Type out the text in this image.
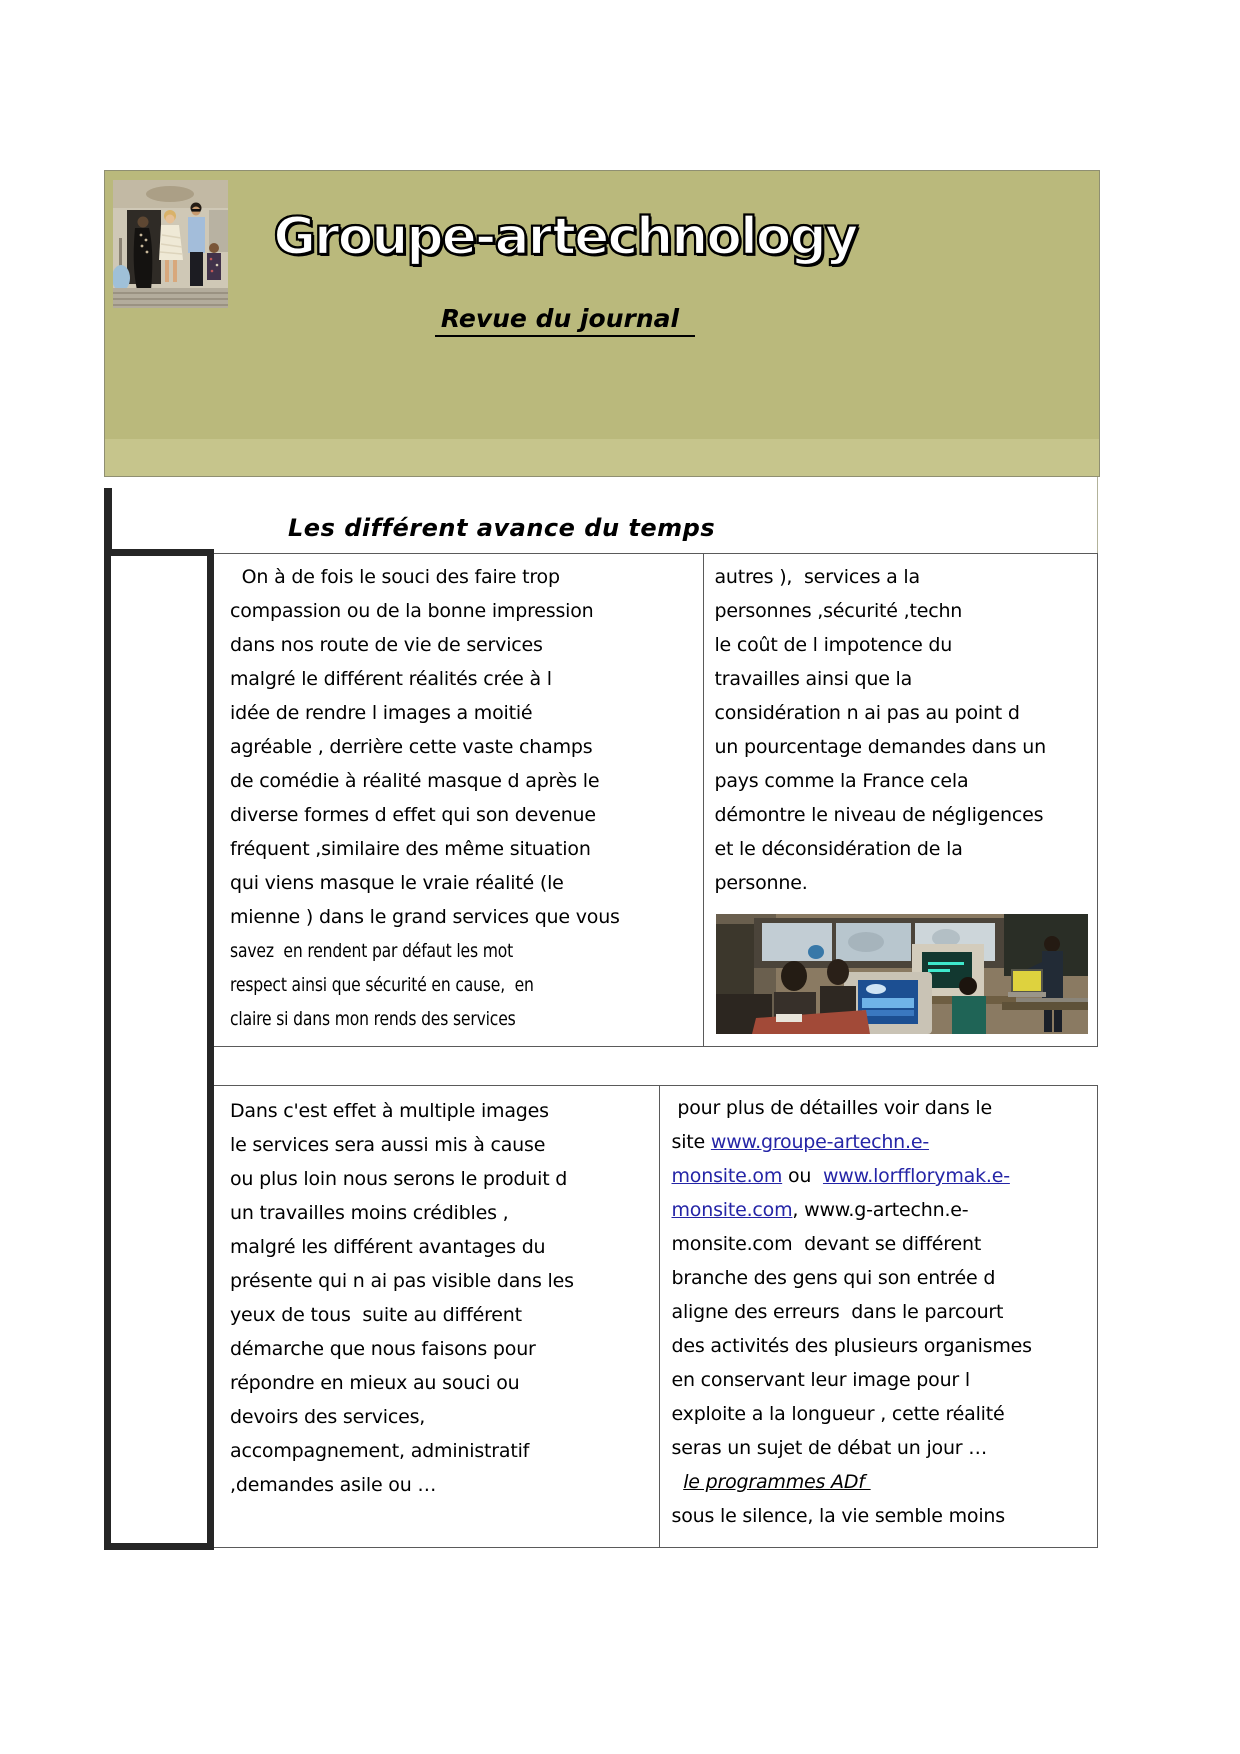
Groupe-artechnology
Revue du journal
Les différent avance du temps
On à de fois le souci des faire trop
compassion ou de la bonne impression
dans nos route de vie de services
malgré le différent réalités crée à l
idée de rendre l images a moitié
agréable , derrière cette vaste champs
de comédie à réalité masque d après le
diverse formes d effet qui son devenue
fréquent ,similaire des même situation
qui viens masque le vraie réalité (le
mienne ) dans le grand services que vous
savez  en rendent par défaut les mot
respect ainsi que sécurité en cause,  en
claire si dans mon rends des services
autres ),  services a la
personnes ,sécurité ,techn
le coût de l impotence du
travailles ainsi que la
considération n ai pas au point d
un pourcentage demandes dans un
pays comme la France cela
démontre le niveau de négligences
et le déconsidération de la
personne.
Dans c'est effet à multiple images
le services sera aussi mis à cause
ou plus loin nous serons le produit d
un travailles moins crédibles ,
malgré les différent avantages du
présente qui n ai pas visible dans les
yeux de tous  suite au différent
démarche que nous faisons pour
répondre en mieux au souci ou
devoirs des services,
accompagnement, administratif
,demandes asile ou …
pour plus de détailles voir dans le
site www.groupe-artechn.e-
monsite.om ou  www.lorfflorymak.e-
monsite.com, www.g-artechn.e-
monsite.com  devant se différent
branche des gens qui son entrée d
aligne des erreurs  dans le parcourt
des activités des plusieurs organismes
en conservant leur image pour l
exploite a la longueur , cette réalité
seras un sujet de débat un jour …
le programmes ADf
sous le silence, la vie semble moins
